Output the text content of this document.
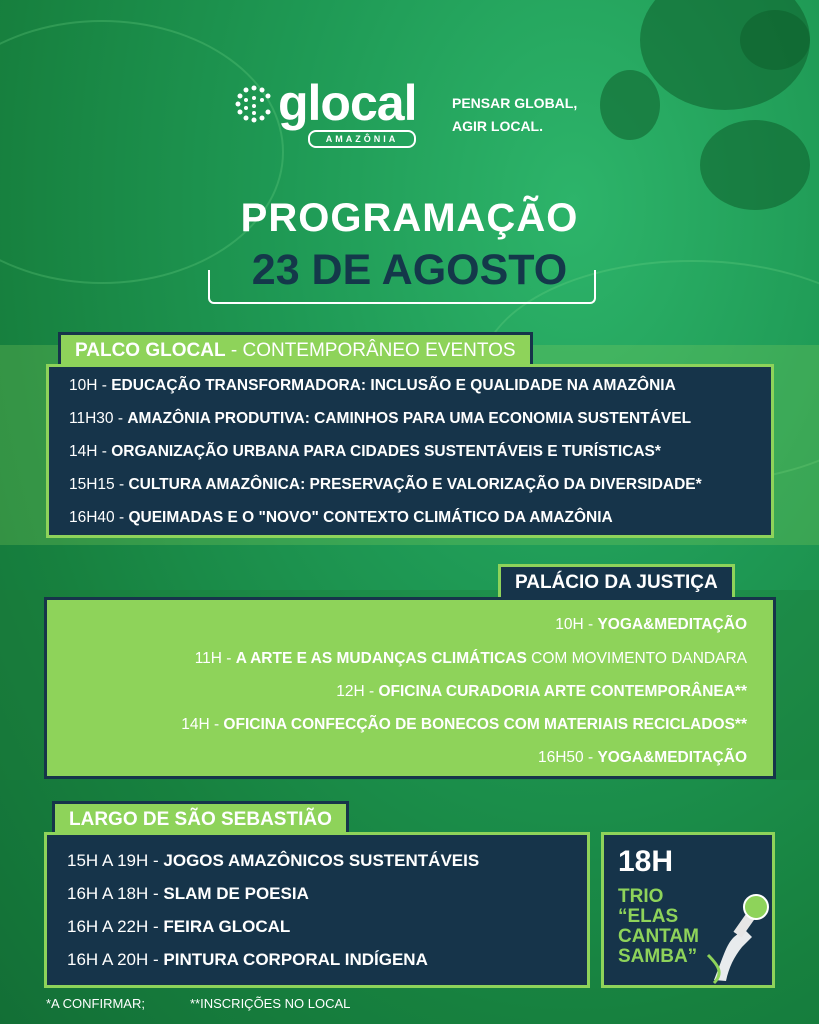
glocal
AMAZÔNIA
PENSAR GLOBAL,
AGIR LOCAL.
PROGRAMAÇÃO
23 DE AGOSTO
PALCO GLOCAL - CONTEMPORÂNEO EVENTOS
10H - EDUCAÇÃO TRANSFORMADORA: INCLUSÃO E QUALIDADE NA AMAZÔNIA
11H30 - AMAZÔNIA PRODUTIVA: CAMINHOS PARA UMA ECONOMIA SUSTENTÁVEL
14H - ORGANIZAÇÃO URBANA PARA CIDADES SUSTENTÁVEIS E TURÍSTICAS*
15H15 - CULTURA AMAZÔNICA: PRESERVAÇÃO E VALORIZAÇÃO DA DIVERSIDADE*
16H40 - QUEIMADAS E O "NOVO" CONTEXTO CLIMÁTICO DA AMAZÔNIA
PALÁCIO DA JUSTIÇA
10H - YOGA&MEDITAÇÃO
11H - A ARTE E AS MUDANÇAS CLIMÁTICAS COM MOVIMENTO DANDARA
12H - OFICINA CURADORIA ARTE CONTEMPORÂNEA**
14H - OFICINA CONFECÇÃO DE BONECOS COM MATERIAIS RECICLADOS**
16H50 - YOGA&MEDITAÇÃO
LARGO DE SÃO SEBASTIÃO
15H A 19H - JOGOS AMAZÔNICOS SUSTENTÁVEIS
16H A 18H - SLAM DE POESIA
16H A 22H - FEIRA GLOCAL
16H A 20H - PINTURA CORPORAL INDÍGENA
18H
TRIO “ELAS CANTAM SAMBA”
*A CONFIRMAR;	**INSCRIÇÕES NO LOCAL
